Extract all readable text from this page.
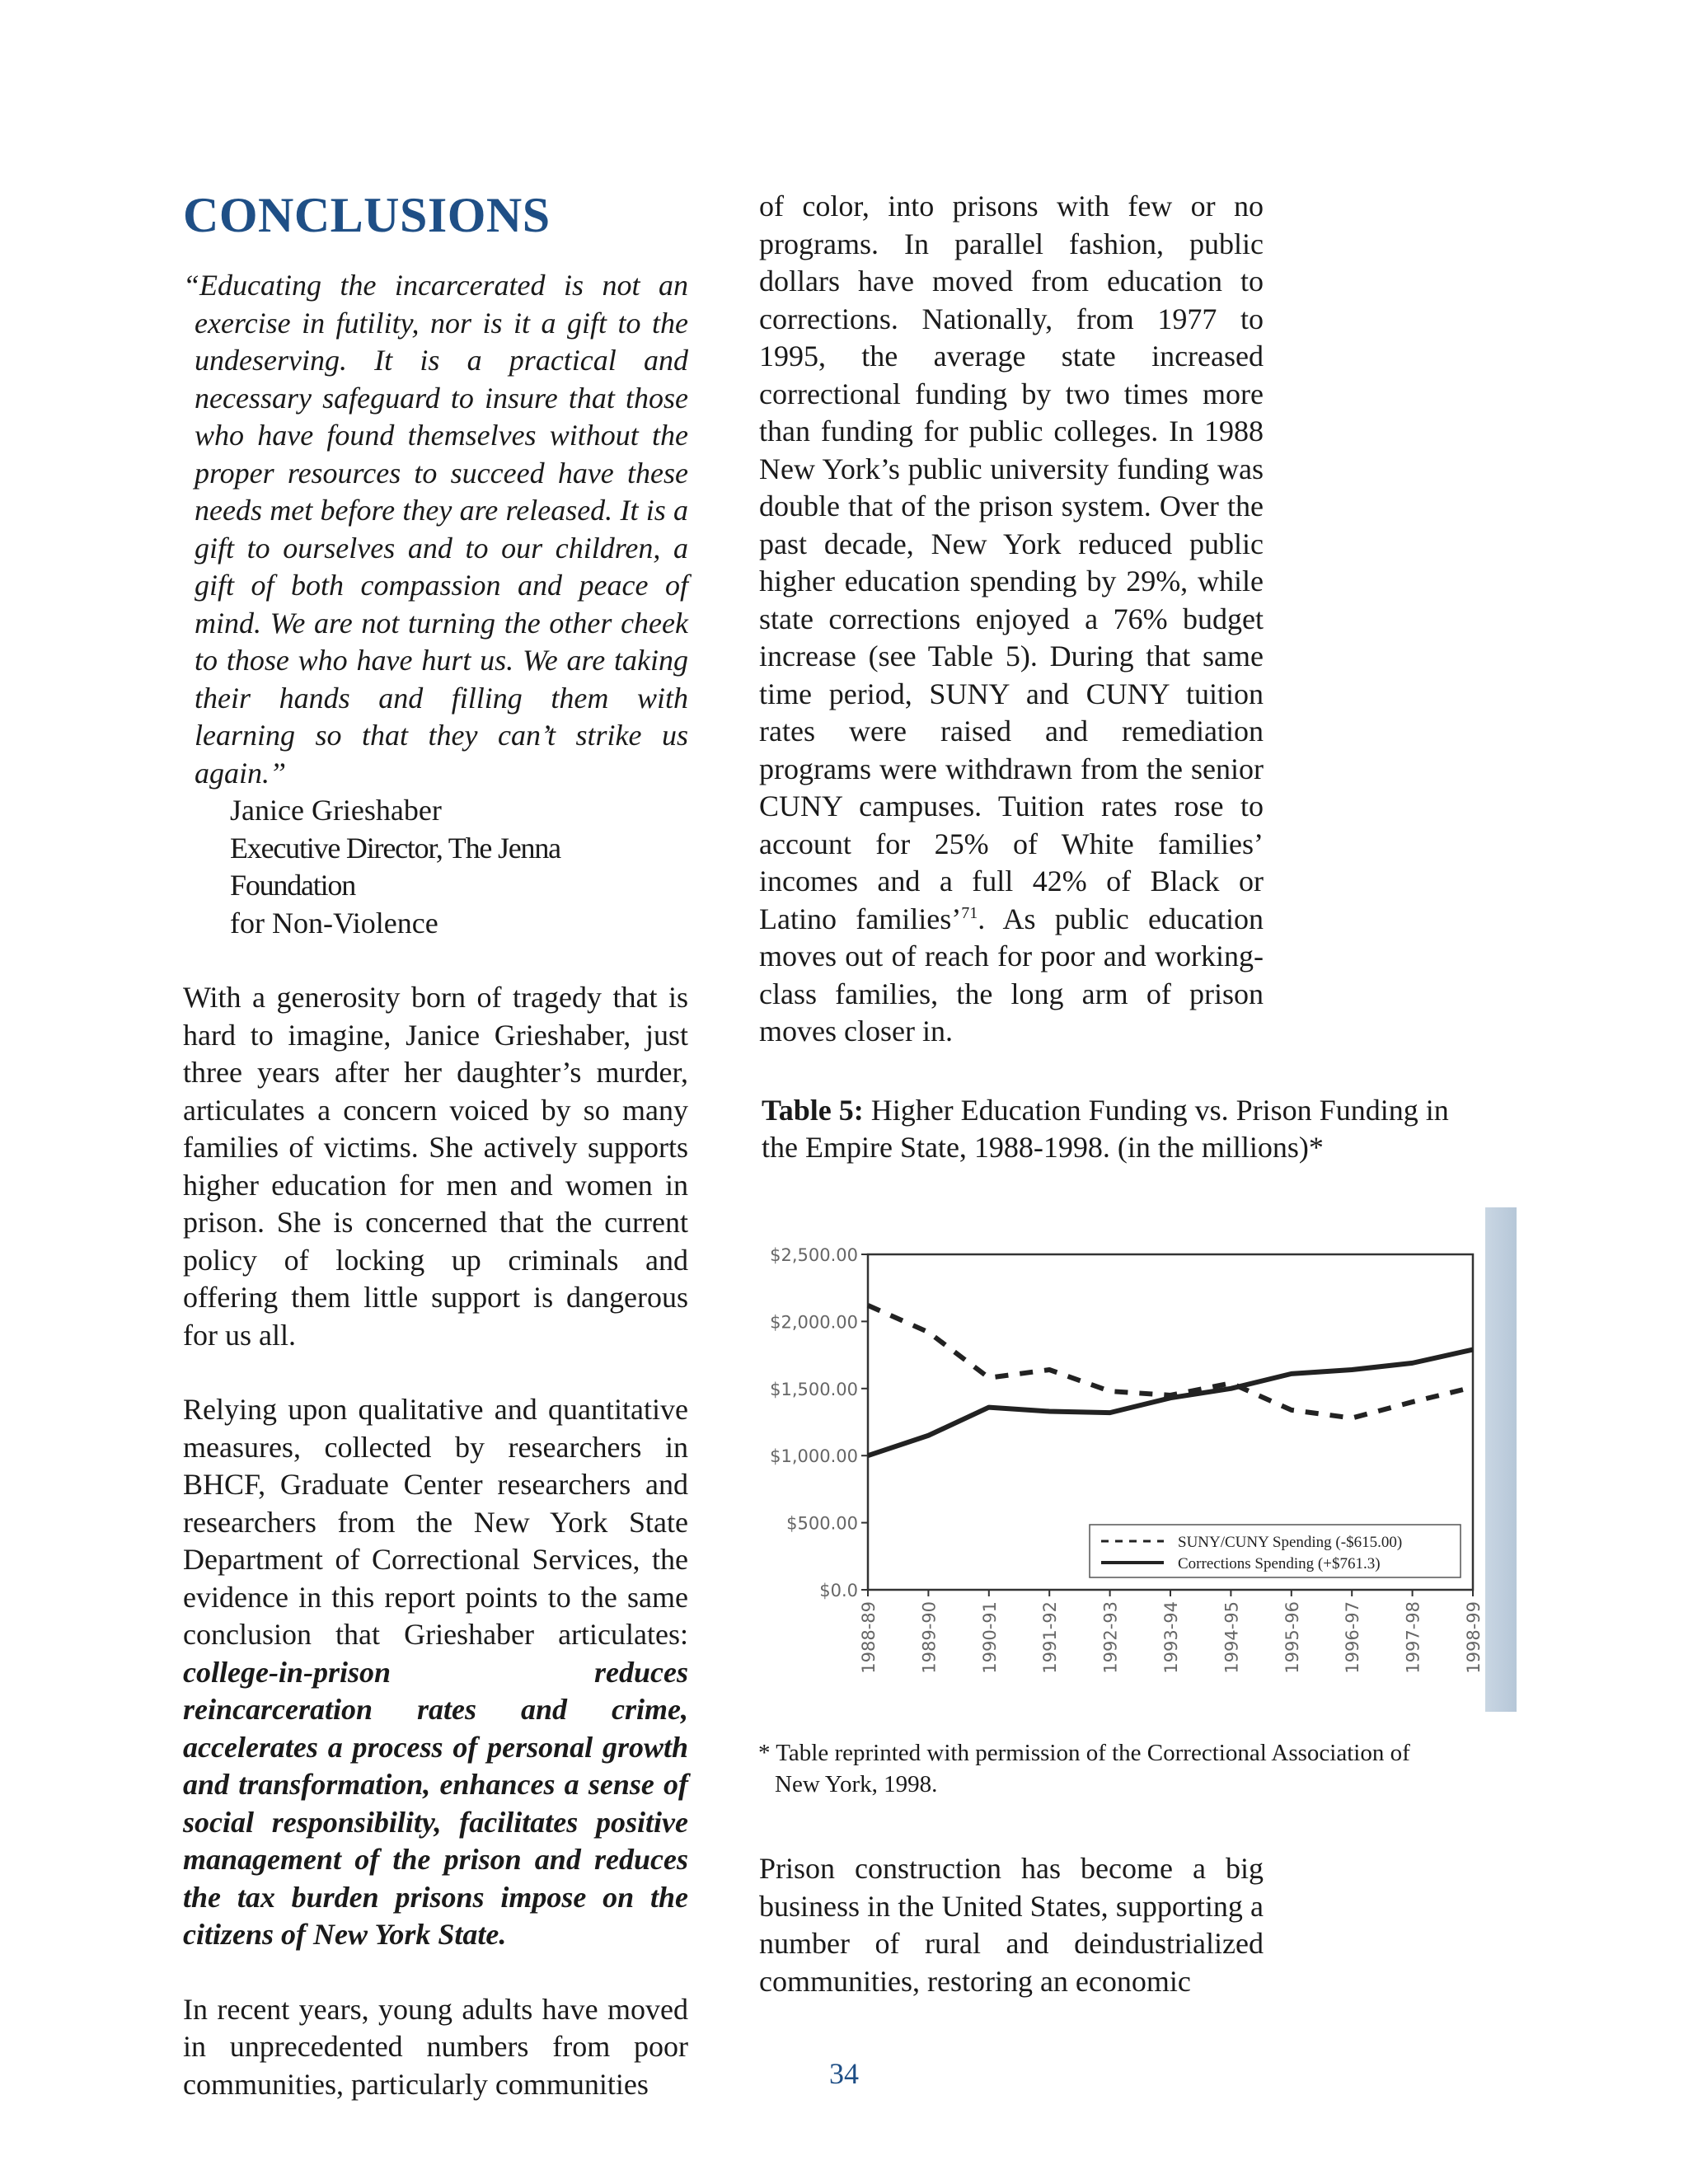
CONCLUSIONS

“Educating the incarcerated is not an exercise in futility, nor is it a gift to the undeserving. It is a practical and necessary safeguard to insure that those who have found themselves without the proper resources to succeed have these needs met before they are released. It is a gift to ourselves and to our children, a gift of both compassion and peace of mind. We are not turning the other cheek to those who have hurt us. We are taking their hands and filling them with learning so that they can’t strike us again.”

Janice Grieshaber
Executive Director, The Jenna Foundation
for Non-Violence

With a generosity born of tragedy that is hard to imagine, Janice Grieshaber, just three years after her daughter’s murder, articulates a concern voiced by so many families of victims. She actively supports higher education for men and women in prison. She is concerned that the current policy of locking up criminals and offering them little support is dangerous for us all.

Relying upon qualitative and quantitative measures, collected by researchers in BHCF, Graduate Center researchers and researchers from the New York State Department of Correctional Services, the evidence in this report points to the same conclusion that Grieshaber articulates: college-in-prison reduces reincarceration rates and crime, accelerates a process of personal growth and transformation, enhances a sense of social responsibility, facilitates positive management of the prison and reduces the tax burden prisons impose on the citizens of New York State.

In recent years, young adults have moved in unprecedented numbers from poor communities, particularly communities

of color, into prisons with few or no programs. In parallel fashion, public dollars have moved from education to corrections. Nationally, from 1977 to 1995, the average state increased correctional funding by two times more than funding for public colleges. In 1988 New York’s public university funding was double that of the prison system. Over the past decade, New York reduced public higher education spending by 29%, while state corrections enjoyed a 76% budget increase (see Table 5). During that same time period, SUNY and CUNY tuition rates were raised and remediation programs were withdrawn from the senior CUNY campuses. Tuition rates rose to account for 25% of White families’ incomes and a full 42% of Black or Latino families’$^{71}$. As public education moves out of reach for poor and working-class families, the long arm of prison moves closer in.

Table 5: Higher Education Funding vs. Prison Funding in the Empire State, 1988-1998. (in the millions)*
$0.0
$500.00
$1,000.00
$1,500.00
$2,000.00
$2,500.00
1988-89 1989-90 1990-91 1991-92 1992-93 1993-94 1994-95 1995-96 1996-97 1997-98 1998-99
SUNY/CUNY Spending (-$615.00)
Corrections Spending (+$761.3)
* Table reprinted with permission of the Correctional Association of
New York, 1998.
Prison construction has become a big business in the United States, supporting a number of rural and deindustrialized communities, restoring an economic
34
